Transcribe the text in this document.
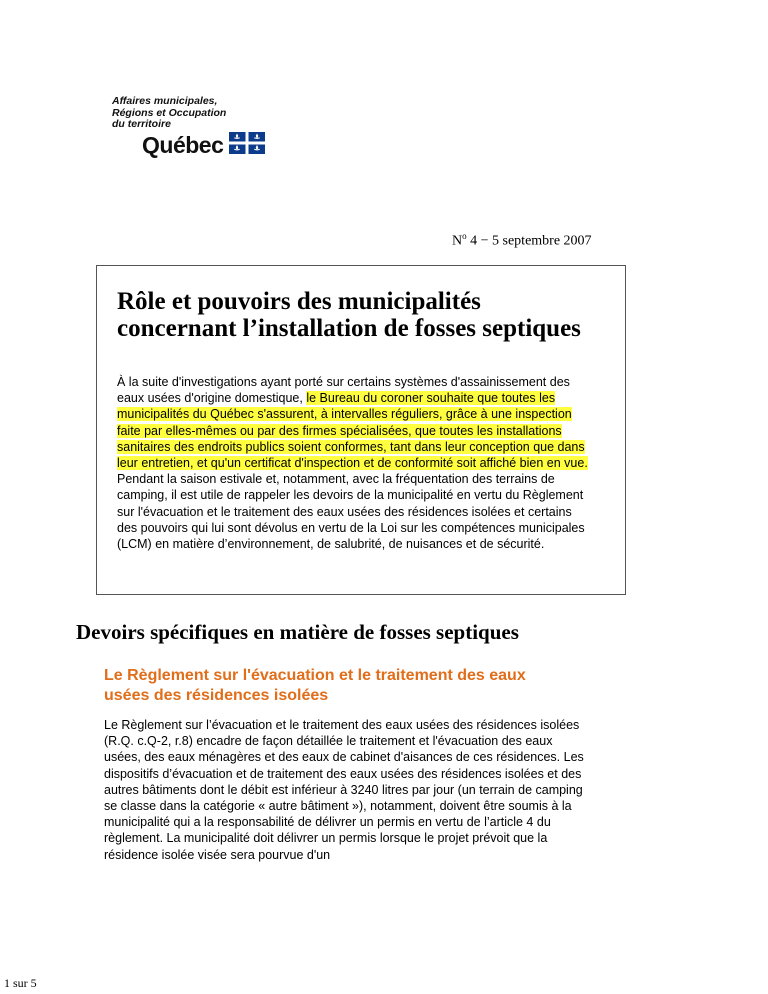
Affaires municipales,
Régions et Occupation
du territoire
Québec
$N^o$ 4 − 5 septembre 2007
Rôle et pouvoirs des municipalités concernant l’installation de fosses septiques
À la suite d'investigations ayant porté sur certains systèmes d'assainissement des eaux usées d'origine domestique, le Bureau du coroner souhaite que toutes les municipalités du Québec s'assurent, à intervalles réguliers, grâce à une inspection faite par elles-mêmes ou par des firmes spécialisées, que toutes les installations sanitaires des endroits publics soient conformes, tant dans leur conception que dans leur entretien, et qu'un certificat d'inspection et de conformité soit affiché bien en vue. Pendant la saison estivale et, notamment, avec la fréquentation des terrains de camping, il est utile de rappeler les devoirs de la municipalité en vertu du Règlement sur l'évacuation et le traitement des eaux usées des résidences isolées et certains des pouvoirs qui lui sont dévolus en vertu de la Loi sur les compétences municipales (LCM) en matière d’environnement, de salubrité, de nuisances et de sécurité.
Devoirs spécifiques en matière de fosses septiques
Le Règlement sur l'évacuation et le traitement des eaux usées des résidences isolées
Le Règlement sur l’évacuation et le traitement des eaux usées des résidences isolées (R.Q. c.Q-2, r.8) encadre de façon détaillée le traitement et l'évacuation des eaux usées, des eaux ménagères et des eaux de cabinet d'aisances de ces résidences. Les dispositifs d’évacuation et de traitement des eaux usées des résidences isolées et des autres bâtiments dont le débit est inférieur à 3240 litres par jour (un terrain de camping se classe dans la catégorie « autre bâtiment »), notamment, doivent être soumis à la municipalité qui a la responsabilité de délivrer un permis en vertu de l’article 4 du règlement. La municipalité doit délivrer un permis lorsque le projet prévoit que la résidence isolée visée sera pourvue d'un
1 sur 5
